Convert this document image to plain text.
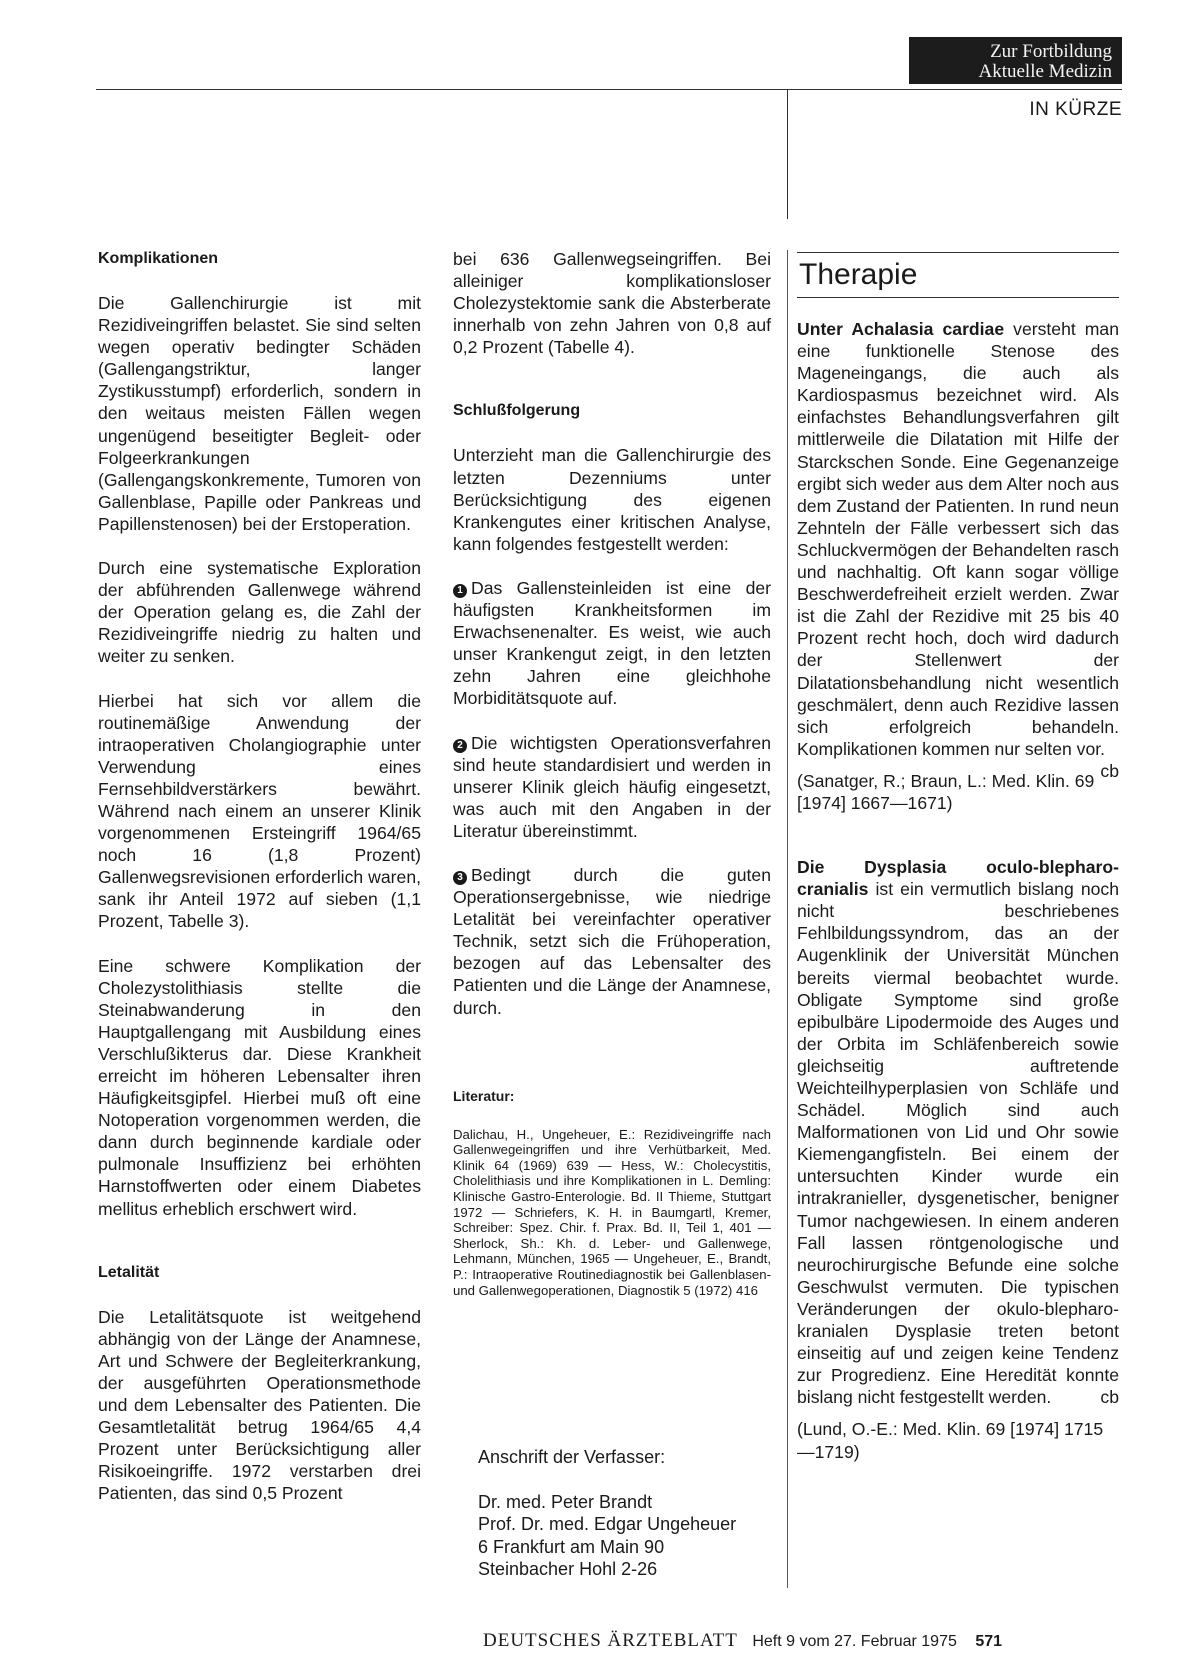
Zur Fortbildung
Aktuelle Medizin
IN KÜRZE

Komplikationen

Die Gallenchirurgie ist mit Rezidiveingriffen belastet. Sie sind selten wegen operativ bedingter Schäden (Gallengangstriktur, langer Zystikusstumpf) erforderlich, sondern in den weitaus meisten Fällen wegen ungenügend beseitigter Begleit- oder Folgeerkrankungen (Gallengangskonkremente, Tumoren von Gallenblase, Papille oder Pankreas und Papillenstenosen) bei der Erstoperation.

Durch eine systematische Exploration der abführenden Gallenwege während der Operation gelang es, die Zahl der Rezidiveingriffe niedrig zu halten und weiter zu senken.

Hierbei hat sich vor allem die routinemäßige Anwendung der intraoperativen Cholangiographie unter Verwendung eines Fernsehbildverstärkers bewährt. Während nach einem an unserer Klinik vorgenommenen Ersteingriff 1964/65 noch 16 (1,8 Prozent) Gallenwegsrevisionen erforderlich waren, sank ihr Anteil 1972 auf sieben (1,1 Prozent, Tabelle 3).

Eine schwere Komplikation der Cholezystolithiasis stellte die Steinabwanderung in den Hauptgallengang mit Ausbildung eines Verschlußikterus dar. Diese Krankheit erreicht im höheren Lebensalter ihren Häufigkeitsgipfel. Hierbei muß oft eine Notoperation vorgenommen werden, die dann durch beginnende kardiale oder pulmonale Insuffizienz bei erhöhten Harnstoffwerten oder einem Diabetes mellitus erheblich erschwert wird.

Letalität

Die Letalitätsquote ist weitgehend abhängig von der Länge der Anamnese, Art und Schwere der Begleiterkrankung, der ausgeführten Operationsmethode und dem Lebensalter des Patienten. Die Gesamtletalität betrug 1964/65 4,4 Prozent unter Berücksichtigung aller Risikoeingriffe. 1972 verstarben drei Patienten, das sind 0,5 Prozent

bei 636 Gallenwegseingriffen. Bei alleiniger komplikationsloser Cholezystektomie sank die Absterberate innerhalb von zehn Jahren von 0,8 auf 0,2 Prozent (Tabelle 4).

Schlußfolgerung

Unterzieht man die Gallenchirurgie des letzten Dezenniums unter Berücksichtigung des eigenen Krankengutes einer kritischen Analyse, kann folgendes festgestellt werden:

1 Das Gallensteinleiden ist eine der häufigsten Krankheitsformen im Erwachsenenalter. Es weist, wie auch unser Krankengut zeigt, in den letzten zehn Jahren eine gleichhohe Morbiditätsquote auf.

2 Die wichtigsten Operationsverfahren sind heute standardisiert und werden in unserer Klinik gleich häufig eingesetzt, was auch mit den Angaben in der Literatur übereinstimmt.

3 Bedingt durch die guten Operationsergebnisse, wie niedrige Letalität bei vereinfachter operativer Technik, setzt sich die Frühoperation, bezogen auf das Lebensalter des Patienten und die Länge der Anamnese, durch.

Literatur:

Dalichau, H., Ungeheuer, E.: Rezidiveingriffe nach Gallenwegeingriffen und ihre Verhütbarkeit, Med. Klinik 64 (1969) 639 — Hess, W.: Cholecystitis, Cholelithiasis und ihre Komplikationen in L. Demling: Klinische Gastro-Enterologie. Bd. II Thieme, Stuttgart 1972 — Schriefers, K. H. in Baumgartl, Kremer, Schreiber: Spez. Chir. f. Prax. Bd. II, Teil 1, 401 — Sherlock, Sh.: Kh. d. Leber- und Gallenwege, Lehmann, München, 1965 — Ungeheuer, E., Brandt, P.: Intraoperative Routinediagnostik bei Gallenblasen- und Gallenwegoperationen, Diagnostik 5 (1972) 416

Anschrift der Verfasser:

Dr. med. Peter Brandt

Prof. Dr. med. Edgar Ungeheuer

6 Frankfurt am Main 90

Steinbacher Hohl 2-26

Therapie

Unter Achalasia cardiae versteht man eine funktionelle Stenose des Mageneingangs, die auch als Kardiospasmus bezeichnet wird. Als einfachstes Behandlungsverfahren gilt mittlerweile die Dilatation mit Hilfe der Starckschen Sonde. Eine Gegenanzeige ergibt sich weder aus dem Alter noch aus dem Zustand der Patienten. In rund neun Zehnteln der Fälle verbessert sich das Schluckvermögen der Behandelten rasch und nachhaltig. Oft kann sogar völlige Beschwerdefreiheit erzielt werden. Zwar ist die Zahl der Rezidive mit 25 bis 40 Prozent recht hoch, doch wird dadurch der Stellenwert der Dilatationsbehandlung nicht wesentlich geschmälert, denn auch Rezidive lassen sich erfolgreich behandeln. Komplikationen kommen nur selten vor.
cb

(Sanatger, R.; Braun, L.: Med. Klin. 69 [1974] 1667—1671)

Die Dysplasia oculo-blepharo-cranialis ist ein vermutlich bislang noch nicht beschriebenes Fehlbildungssyndrom, das an der Augenklinik der Universität München bereits viermal beobachtet wurde. Obligate Symptome sind große epibulbäre Lipodermoide des Auges und der Orbita im Schläfenbereich sowie gleichseitig auftretende Weichteilhyperplasien von Schläfe und Schädel. Möglich sind auch Malformationen von Lid und Ohr sowie Kiemengangfisteln. Bei einem der untersuchten Kinder wurde ein intrakranieller, dysgenetischer, benigner Tumor nachgewiesen. In einem anderen Fall lassen röntgenologische und neurochirurgische Befunde eine solche Geschwulst vermuten. Die typischen Veränderungen der okulo-blepharo-kranialen Dysplasie treten betont einseitig auf und zeigen keine Tendenz zur Progredienz. Eine Heredität konnte bislang nicht festgestellt werden.	cb

(Lund, O.-E.: Med. Klin. 69 [1974] 1715—1719)

DEUTSCHES ÄRZTEBLATT Heft 9 vom 27. Februar 1975 571
